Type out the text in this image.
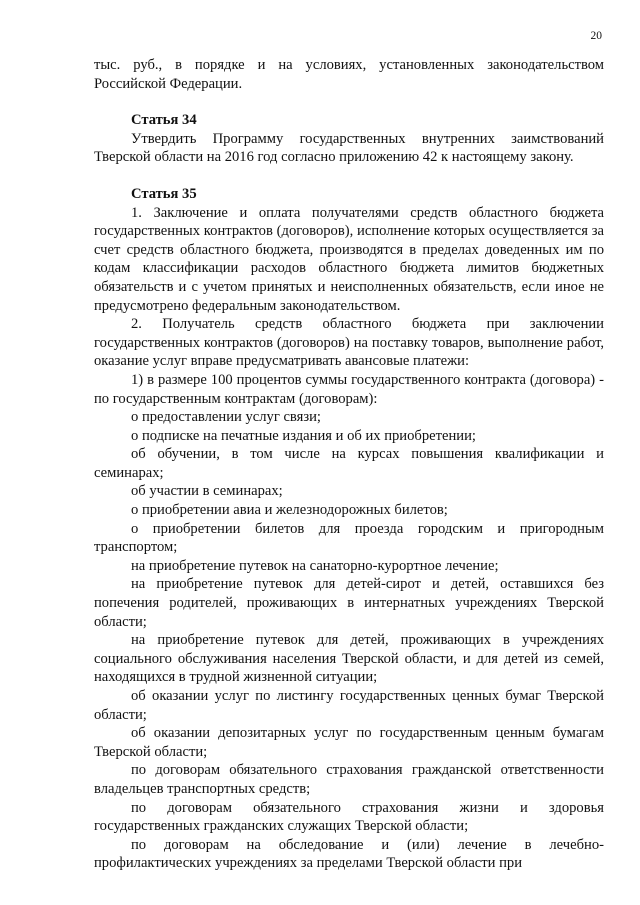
20

тыс. руб., в порядке и на условиях, установленных законодательством Российской Федерации.

Статья 34

Утвердить Программу государственных внутренних заимствований Тверской области на 2016 год согласно приложению 42 к настоящему закону.

Статья 35

1. Заключение и оплата получателями средств областного бюджета государственных контрактов (договоров), исполнение которых осуществляется за счет средств областного бюджета, производятся в пределах доведенных им по кодам классификации расходов областного бюджета лимитов бюджетных обязательств и с учетом принятых и неисполненных обязательств, если иное не предусмотрено федеральным законодательством.

2. Получатель средств областного бюджета при заключении государственных контрактов (договоров) на поставку товаров, выполнение работ, оказание услуг вправе предусматривать авансовые платежи:

1) в размере 100 процентов суммы государственного контракта (договора) - по государственным контрактам (договорам):

о предоставлении услуг связи;

о подписке на печатные издания и об их приобретении;

об обучении, в том числе на курсах повышения квалификации и семинарах;

об участии в семинарах;

о приобретении авиа и железнодорожных билетов;

о приобретении билетов для проезда городским и пригородным транспортом;

на приобретение путевок на санаторно-курортное лечение;

на приобретение путевок для детей-сирот и детей, оставшихся без попечения родителей, проживающих в интернатных учреждениях Тверской области;

на приобретение путевок для детей, проживающих в учреждениях социального обслуживания населения Тверской области, и для детей из семей, находящихся в трудной жизненной ситуации;

об оказании услуг по листингу государственных ценных бумаг Тверской области;

об оказании депозитарных услуг по государственным ценным бумагам Тверской области;

по договорам обязательного страхования гражданской ответственности владельцев транспортных средств;

по договорам обязательного страхования жизни и здоровья государственных гражданских служащих Тверской области;

по договорам на обследование и (или) лечение в лечебно-профилактических учреждениях за пределами Тверской области при
